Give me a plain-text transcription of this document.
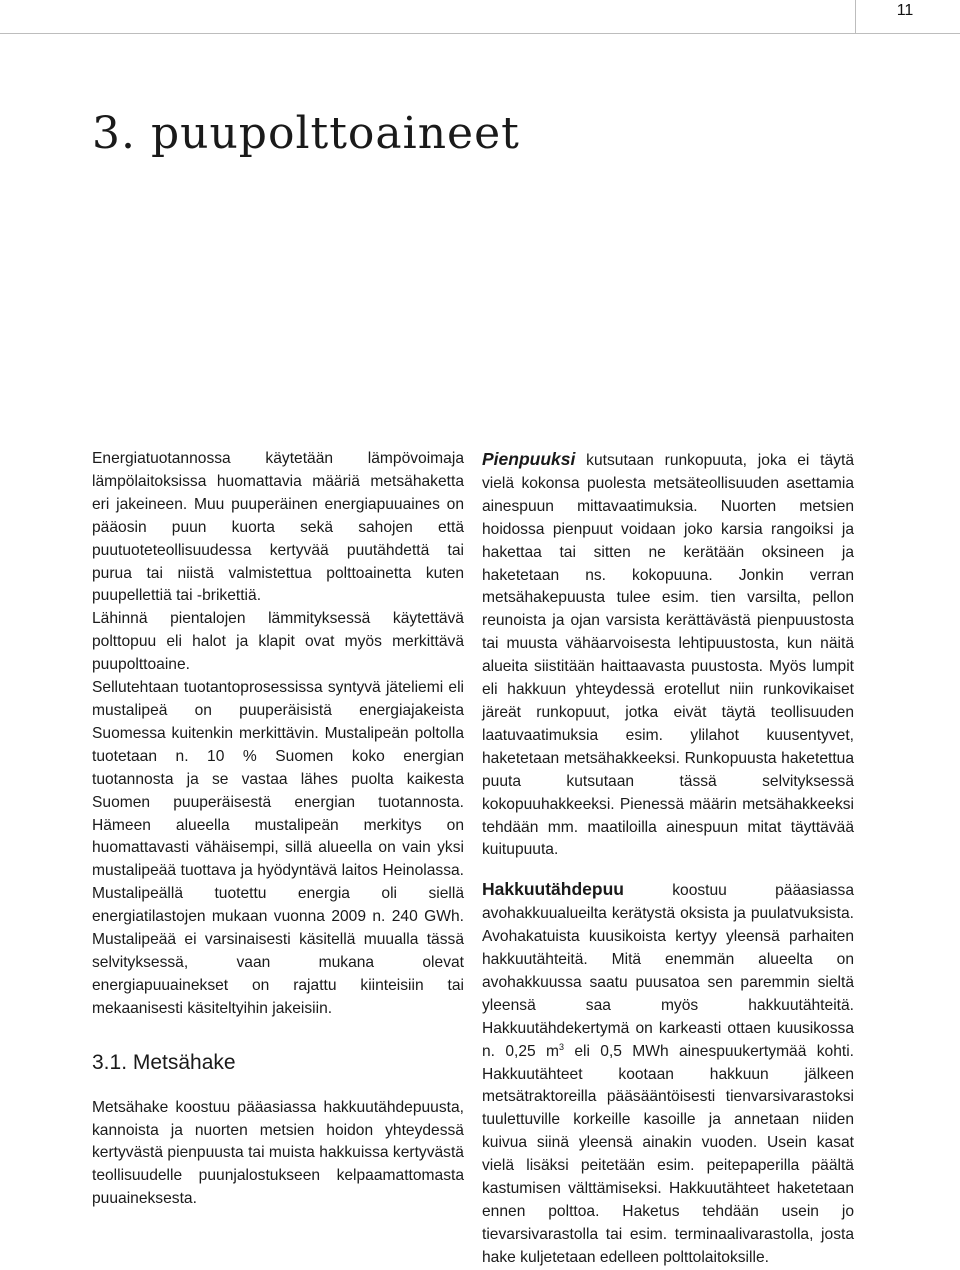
11
3. puupolttoaineet

Energiatuotannossa käytetään lämpövoimaja lämpölaitoksissa huomattavia määriä metsähaketta eri jakeineen. Muu puuperäinen energiapuuaines on pääosin puun kuorta sekä sahojen että puutuoteteollisuudessa kertyvää puutähdettä tai purua tai niistä valmistettua polttoainetta kuten puupellettiä tai -brikettiä.

Lähinnä pientalojen lämmityksessä käytettävä polttopuu eli halot ja klapit ovat myös merkittävä puupolttoaine.

Sellutehtaan tuotantoprosessissa syntyvä jäteliemi eli mustalipeä on puuperäisistä energiajakeista Suomessa kuitenkin merkittävin. Mustalipeän poltolla tuotetaan n. 10 % Suomen koko energian tuotannosta ja se vastaa lähes puolta kaikesta Suomen puuperäisestä energian tuotannosta. Hämeen alueella mustalipeän merkitys on huomattavasti vähäisempi, sillä alueella on vain yksi mustalipeää tuottava ja hyödyntävä laitos Heinolassa. Mustalipeällä tuotettu energia oli siellä energiatilastojen mukaan vuonna 2009 n. 240 GWh. Mustalipeää ei varsinaisesti käsitellä muualla tässä selvityksessä, vaan mukana olevat energiapuuainekset on rajattu kiinteisiin tai mekaanisesti käsiteltyihin jakeisiin.

3.1. Metsähake

Metsähake koostuu pääasiassa hakkuutähdepuusta, kannoista ja nuorten metsien hoidon yhteydessä kertyvästä pienpuusta tai muista hakkuissa kertyvästä teollisuudelle puunjalostukseen kelpaamattomasta puuaineksesta.

Pienpuuksi kutsutaan runkopuuta, joka ei täytä vielä kokonsa puolesta metsäteollisuuden asettamia ainespuun mittavaatimuksia. Nuorten metsien hoidossa pienpuut voidaan joko karsia rangoiksi ja hakettaa tai sitten ne kerätään oksineen ja haketetaan ns. kokopuuna. Jonkin verran metsähakepuusta tulee esim. tien varsilta, pellon reunoista ja ojan varsista kerättävästä pienpuustosta tai muusta vähäarvoisesta lehtipuustosta, kun näitä alueita siistitään haittaavasta puustosta. Myös lumpit eli hakkuun yhteydessä erotellut niin runkovikaiset järeät runkopuut, jotka eivät täytä teollisuuden laatuvaatimuksia esim. ylilahot kuusentyvet, haketetaan metsähakkeeksi. Runkopuusta haketettua puuta kutsutaan tässä selvityksessä kokopuuhakkeeksi. Pienessä määrin metsähakkeeksi tehdään mm. maatiloilla ainespuun mitat täyttävää kuitupuuta.

Hakkuutähdepuu koostuu pääasiassa avohakkuualueilta kerätystä oksista ja puulatvuksista. Avohakatuista kuusikoista kertyy yleensä parhaiten hakkuutähteitä. Mitä enemmän alueelta on avohakkuussa saatu puusatoa sen paremmin sieltä yleensä saa myös hakkuutähteitä. Hakkuutähdekertymä on karkeasti ottaen kuusikossa n. 0,25 $m^3$ eli 0,5 MWh ainespuukertymää kohti. Hakkuutähteet kootaan hakkuun jälkeen metsätraktoreilla pääsääntöisesti tienvarsivarastoksi tuulettuville korkeille kasoille ja annetaan niiden kuivua siinä yleensä ainakin vuoden. Usein kasat vielä lisäksi peitetään esim. peitepaperilla päältä kastumisen välttämiseksi. Hakkuutähteet haketetaan ennen polttoa. Haketus tehdään usein jo tievarsivarastolla tai esim. terminaalivarastolla, josta hake kuljetetaan edelleen polttolaitoksille.
